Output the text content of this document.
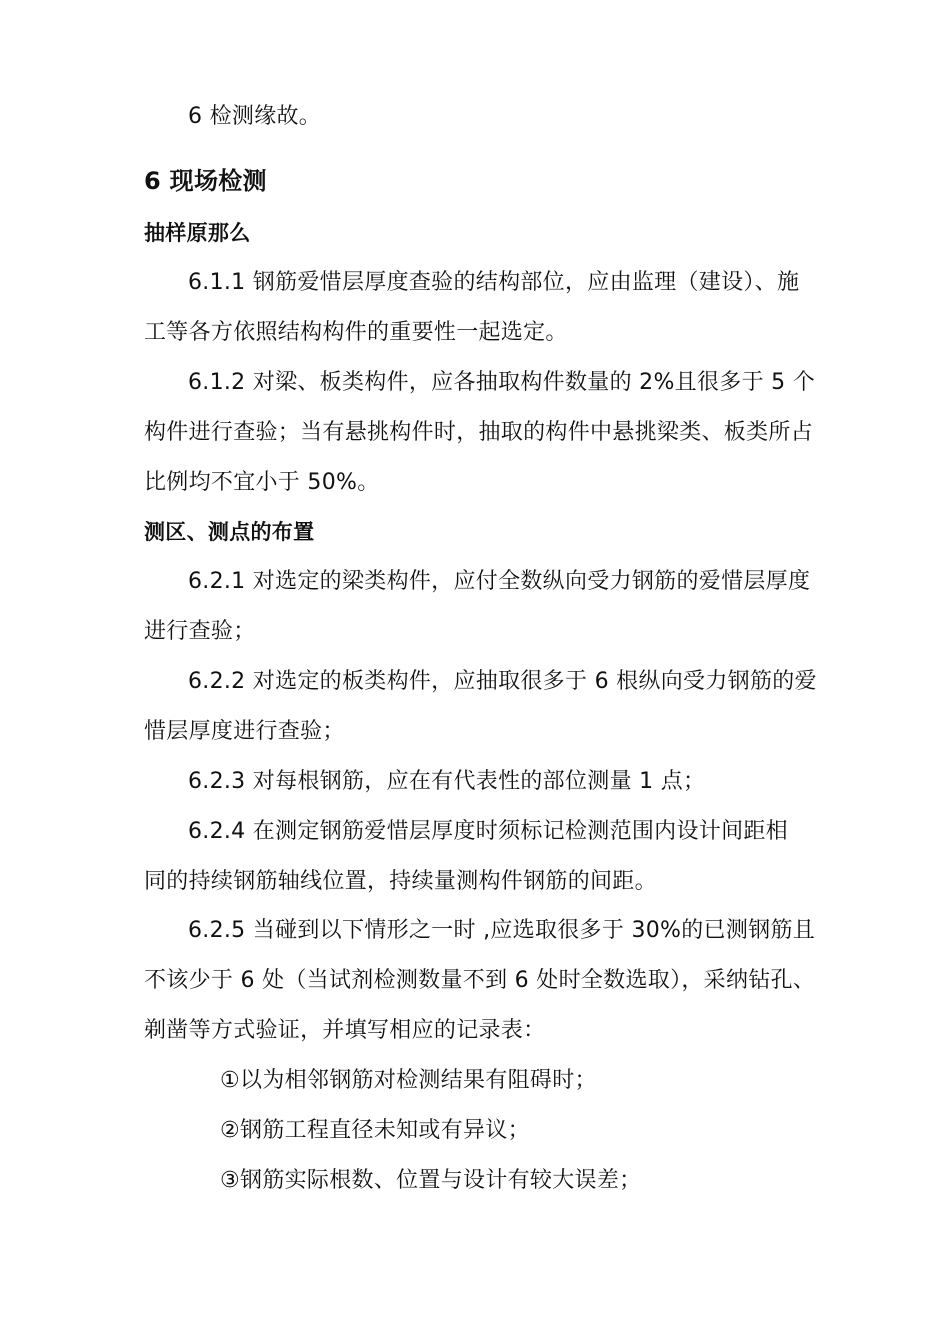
6 检测缘故。
6 现场检测
抽样原那么
6.1.1 钢筋爱惜层厚度查验的结构部位，应由监理（建设）、施
工等各方依照结构构件的重要性一起选定。
6.1.2 对梁、板类构件，应各抽取构件数量的 2%且很多于 5 个
构件进行查验；当有悬挑构件时，抽取的构件中悬挑梁类、板类所占
比例均不宜小于 50%。
测区、测点的布置
6.2.1 对选定的梁类构件，应付全数纵向受力钢筋的爱惜层厚度
进行查验；
6.2.2 对选定的板类构件，应抽取很多于 6 根纵向受力钢筋的爱
惜层厚度进行查验；
6.2.3 对每根钢筋，应在有代表性的部位测量 1 点；
6.2.4 在测定钢筋爱惜层厚度时须标记检测范围内设计间距相
同的持续钢筋轴线位置，持续量测构件钢筋的间距。
6.2.5 当碰到以下情形之一时 ,应选取很多于 30%的已测钢筋且
不该少于 6 处（当试剂检测数量不到 6 处时全数选取），采纳钻孔、
剃凿等方式验证，并填写相应的记录表：
①以为相邻钢筋对检测结果有阻碍时；
②钢筋工程直径未知或有异议；
③钢筋实际根数、位置与设计有较大误差；
